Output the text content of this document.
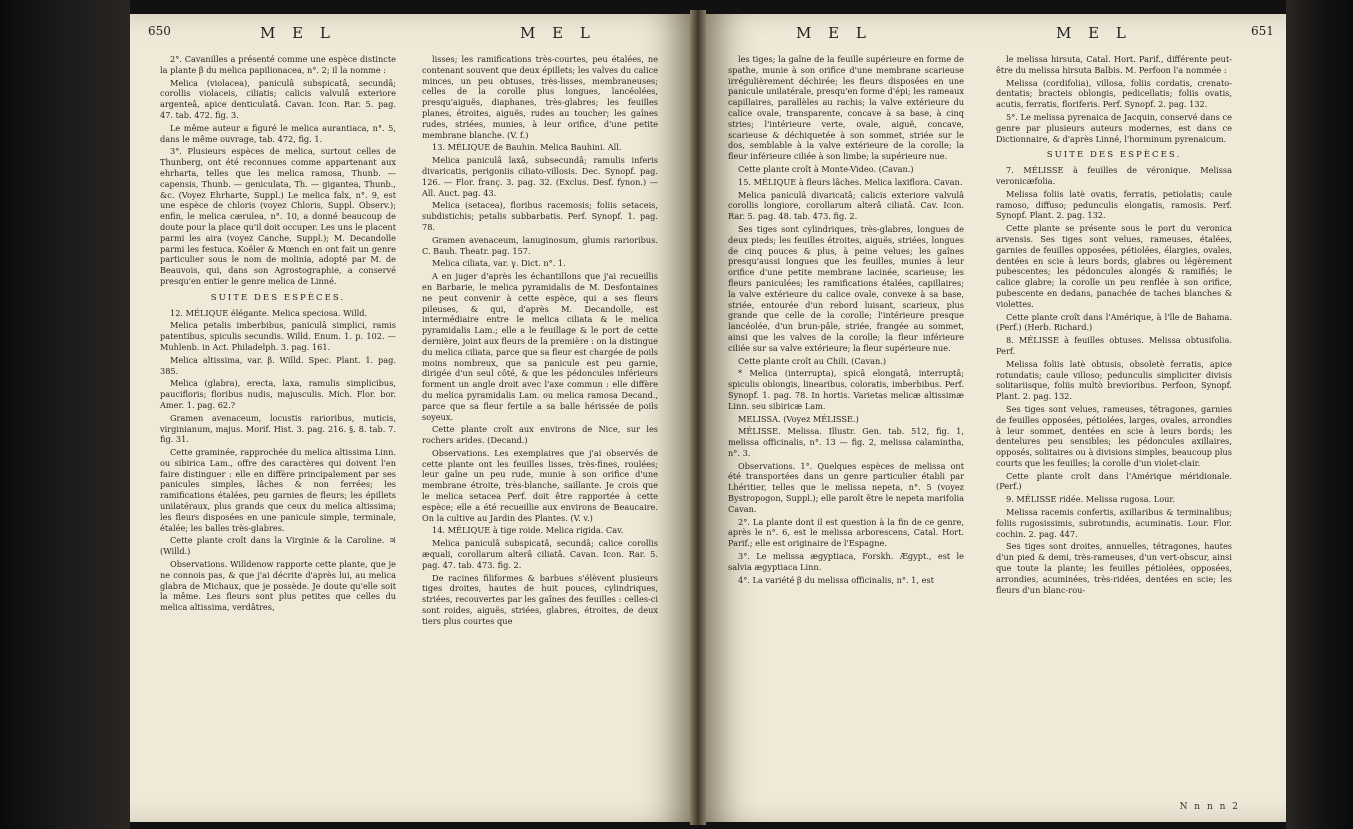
650	M E L	M E L

2°. Cavanilles a présenté comme une espèce distincte la plante β du melica papilionacea, n°. 2; il la nomme :

Melica (violacea), paniculâ subspicatâ, secundâ; corollis violaceis, ciliatis; calicis valvulâ exteriore argenteâ, apice denticulatâ. Cavan. Icon. Rar. 5. pag. 47. tab. 472. fig. 3.

Le même auteur a figuré le melica aurantiaca, n°. 5, dans le même ouvrage, tab. 472, fig. 1.

3°. Plusieurs espèces de melica, surtout celles de Thunberg, ont été reconnues comme appartenant aux ehrharta, telles que les melica ramosa, Thunb. — capensis, Thunb. — geniculata, Th. — gigantea, Thunb., &c. (Voyez Ehrharte, Suppl.) Le melica falx, n°. 9, est une espèce de chloris (voyez Chloris, Suppl. Observ.); enfin, le melica cærulea, n°. 10, a donné beaucoup de doute pour la place qu'il doit occuper. Les uns le placent parmi les aira (voyez Canche, Suppl.); M. Decandolle parmi les festuca. Koëler & Mœnch en ont fait un genre particulier sous le nom de molinia, adopté par M. de Beauvois, qui, dans son Agrostographie, a conservé presqu'en entier le genre melica de Linné.

SUITE DES ESPÈCES.

12. MÉLIQUE élégante. Melica speciosa. Willd.

Melica petalis imberbibus, paniculâ simplici, ramis patentibus, spiculis secundis. Willd. Enum. 1. p. 102. — Muhlenb. in Act. Philadelph. 3. pag. 161.

Melica altissima, var. β. Willd. Spec. Plant. 1. pag. 385.

Melica (glabra), erecta, laxa, ramulis simplicibus, paucifloris; floribus nudis, majusculis. Mich. Flor. bor. Amer. 1. pag. 62.?

Gramen avenaceum, locustis rarioribus, muticis, virginianum, majus. Morif. Hist. 3. pag. 216. §. 8. tab. 7. fig. 31.

Cette graminée, rapprochée du melica altissima Linn. ou sibirica Lam., offre des caractères qui doivent l'en faire distinguer : elle en diffère principalement par ses panicules simples, lâches & non ferrées; les ramifications étalées, peu garnies de fleurs; les épillets unilatéraux, plus grands que ceux du melica altissima; les fleurs disposées en une panicule simple, terminale, étalée; les balles très-glabres.

Cette plante croît dans la Virginie & la Caroline. ♃ (Willd.)

Observations. Willdenow rapporte cette plante, que je ne connois pas, & que j'ai décrite d'après lui, au melica glabra de Michaux, que je possède. Je doute qu'elle soit la même. Les fleurs sont plus petites que celles du melica altissima, verdâtres,

lisses; les ramifications très-courtes, peu étalées, ne contenant souvent que deux épillets; les valves du calice minces, un peu obtuses, très-lisses, membraneuses; celles de la corolle plus longues, lancéolées, presqu'aiguës, diaphanes, très-glabres; les feuilles planes, étroites, aiguës, rudes au toucher; les gaînes rudes, striées, munies, à leur orifice, d'une petite membrane blanche. (V. f.)

13. MÉLIQUE de Bauhin. Melica Bauhini. All.

Melica paniculâ laxâ, subsecundâ; ramulis inferis divaricatis, perigoniis ciliato-villosis. Dec. Synopf. pag. 126. — Flor. franç. 3. pag. 32. (Exclus. Desf. fynon.) — All. Auct. pag. 43.

Melica (setacea), floribus racemosis; foliis setaceis, subdistichis; petalis subbarbatis. Perf. Synopf. 1. pag. 78.

Gramen avenaceum, lanuginosum, glumis rarioribus. C. Bauh. Theatr. pag. 157.

Melica ciliata, var. γ. Dict. n°. 1.

A en juger d'après les échantillons que j'ai recueillis en Barbarie, le melica pyramidalis de M. Desfontaines ne peut convenir à cette espèce, qui a ses fleurs pileuses, & qui, d'après M. Decandolle, est intermédiaire entre le melica ciliata & le melica pyramidalis Lam.; elle a le feuillage & le port de cette dernière, joint aux fleurs de la première : on la distingue du melica ciliata, parce que sa fleur est chargée de poils moins nombreux, que sa panicule est peu garnie, dirigée d'un seul côté, & que les pédoncules inférieurs forment un angle droit avec l'axe commun : elle diffère du melica pyramidalis Lam. ou melica ramosa Decand., parce que sa fleur fertile a sa balle hérissée de poils soyeux.

Cette plante croît aux environs de Nice, sur les rochers arides. (Decand.)

Observations. Les exemplaires que j'ai observés de cette plante ont les feuilles lisses, très-fines, roulées; leur gaîne un peu rude, munie à son orifice d'une membrane étroite, très-blanche, saillante. Je crois que le melica setacea Perf. doit être rapportée à cette espèce; elle a été recueillie aux environs de Beaucaire. On la cultive au Jardin des Plantes. (V. v.)

14. MÉLIQUE à tige roide. Melica rigida. Cav.

Melica paniculâ subspicatâ, secundâ; calice corollis æquali, corollarum alterâ ciliatâ. Cavan. Icon. Rar. 5. pag. 47. tab. 473. fig. 2.

De racines filiformes & barbues s'élèvent plusieurs tiges droites, hautes de huit pouces, cylindriques, striées, recouvertes par les gaînes des feuilles : celles-ci sont roides, aiguës, striées, glabres, étroites, de deux tiers plus courtes que

M E L	M E L	651

les tiges; la gaîne de la feuille supérieure en forme de spathe, munie à son orifice d'une membrane scarieuse irrégulièrement déchirée; les fleurs disposées en une panicule unilatérale, presqu'en forme d'épi; les rameaux capillaires, parallèles au rachis; la valve extérieure du calice ovale, transparente, concave à sa base, à cinq stries; l'intérieure verte, ovale, aiguë, concave, scarieuse & déchiquetée à son sommet, striée sur le dos, semblable à la valve extérieure de la corolle; la fleur inférieure ciliée à son limbe; la supérieure nue.

Cette plante croît à Monte-Video. (Cavan.)

15. MÉLIQUE à fleurs lâches. Melica laxiflora. Cavan.

Melica paniculâ divaricatâ; calicis exteriore valvulâ corollis longiore, corollarum alterâ ciliatâ. Cav. Icon. Rar. 5. pag. 48. tab. 473. fig. 2.

Ses tiges sont cylindriques, très-glabres, longues de deux pieds; les feuilles étroites, aiguës, striées, longues de cinq pouces & plus, à peine velues; les gaînes presqu'aussi longues que les feuilles, munies à leur orifice d'une petite membrane lacinée, scarieuse; les fleurs paniculées; les ramifications étalées, capillaires; la valve extérieure du calice ovale, convexe à sa base, striée, entourée d'un rebord luisant, scarieux, plus grande que celle de la corolle; l'intérieure presque lancéolée, d'un brun-pâle, striée, frangée au sommet, ainsi que les valves de la corolle; la fleur inférieure ciliée sur sa valve extérieure; la fleur supérieure nue.

Cette plante croît au Chili. (Cavan.)

* Melica (interrupta), spicâ elongatâ, interruptâ; spiculis oblongis, linearibus, coloratis, imberbibus. Perf. Synopf. 1. pag. 78. In hortis. Varietas melicæ altissimæ Linn. seu sibiricæ Lam.

MELISSA. (Voyez MÉLISSE.)

MÉLISSE. Melissa. Illustr. Gen. tab. 512, fig. 1, melissa officinalis, n°. 13 — fig. 2, melissa calamintha, n°. 3.

Observations. 1°. Quelques espèces de melissa ont été transportées dans un genre particulier établi par Lhéritier, telles que le melissa nepeta, n°. 5 (voyez Bystropogon, Suppl.); elle paroît être le nepeta marifolia Cavan.

2°. La plante dont il est question à la fin de ce genre, après le n°. 6, est le melissa arborescens, Catal. Hort. Parif.; elle est originaire de l'Espagne.

3°. Le melissa ægyptiaca, Forskh. Ægypt., est le salvia ægyptiaca Linn.

4°. La variété β du melissa officinalis, n°. 1, est

le melissa hirsuta, Catal. Hort. Parif., différente peut-être du melissa hirsuta Balbis. M. Perfoon l'a nommée :

Melissa (cordifolia), villosa, foliis cordatis, crenato-dentatis; bracteis oblongis, pedicellatis; foliis ovatis, acutis, ferratis, floriferis. Perf. Synopf. 2. pag. 132.

5°. Le melissa pyrenaica de Jacquin, conservé dans ce genre par plusieurs auteurs modernes, est dans ce Dictionnaire, & d'après Linné, l'horminum pyrenaicum.

SUITE DES ESPÈCES.

7. MÉLISSE à feuilles de véronique. Melissa veronicæfolia.

Melissa foliis latè ovatis, ferratis, petiolatis; caule ramoso, diffuso; pedunculis elongatis, ramosis. Perf. Synopf. Plant. 2. pag. 132.

Cette plante se présente sous le port du veronica arvensis. Ses tiges sont velues, rameuses, étalées, garnies de feuilles opposées, pétiolées, élargies, ovales, dentées en scie à leurs bords, glabres ou légèrement pubescentes; les pédoncules alongés & ramifiés; le calice glabre; la corolle un peu renflée à son orifice, pubescente en dedans, panachée de taches blanches & violettes.

Cette plante croît dans l'Amérique, à l'île de Bahama. (Perf.) (Herb. Richard.)

8. MÉLISSE à feuilles obtuses. Melissa obtusifolia. Perf.

Melissa foliis latè obtusis, obsoletè ferratis, apice rotundatis; caule villoso; pedunculis simpliciter divisis solitariisque, foliis multò brevioribus. Perfoon, Synopf. Plant. 2. pag. 132.

Ses tiges sont velues, rameuses, tétragones, garnies de feuilles opposées, pétiolées, larges, ovales, arrondies à leur sommet, dentées en scie à leurs bords; les dentelures peu sensibles; les pédoncules axillaires, opposés, solitaires ou à divisions simples, beaucoup plus courts que les feuilles; la corolle d'un violet-clair.

Cette plante croît dans l'Amérique méridionale. (Perf.)

9. MÉLISSE ridée. Melissa rugosa. Lour.

Melissa racemis confertis, axillaribus & terminalibus; foliis rugosissimis, subrotundis, acuminatis. Lour. Flor. cochin. 2. pag. 447.

Ses tiges sont droites, annuelles, tétragones, hautes d'un pied & demi, très-rameuses, d'un vert-obscur, ainsi que toute la plante; les feuilles pétiolées, opposées, arrondies, acuminées, très-ridées, dentées en scie; les fleurs d'un blanc-rou-

N n n n 2
